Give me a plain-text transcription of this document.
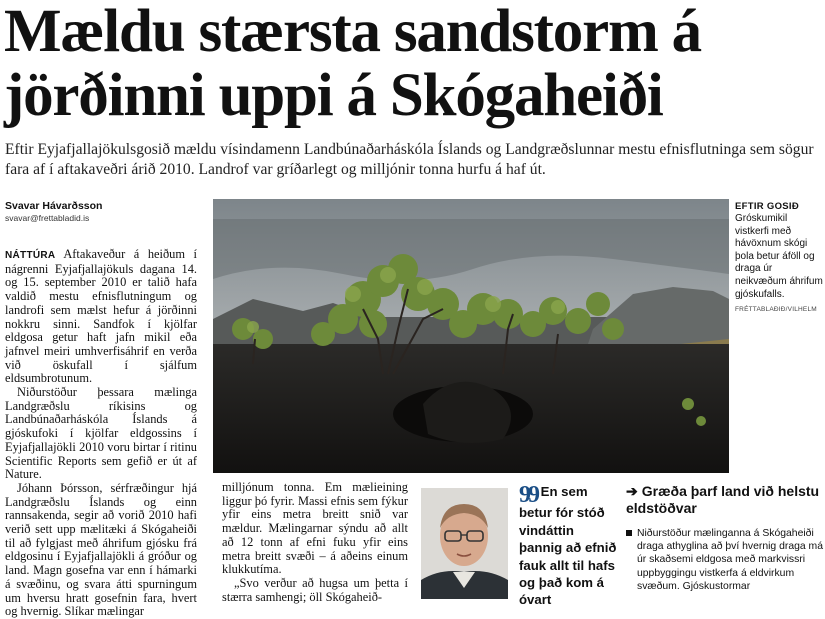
Mældu stærsta sandstorm á jörðinni uppi á Skógaheiði

Eftir Eyjafjallajökulsgosið mældu vísindamenn Landbúnaðarháskóla Íslands og Landgræðslunnar mestu efnisflutninga sem sögur fara af í aftakaveðri árið 2010. Landrof var gríðarlegt og milljónir tonna hurfu á haf út.

Svavar Hávarðsson
svavar@frettabladid.is

NÁTTÚRA Aftakaveður á heiðum í nágrenni Eyjafjallajökuls dagana 14. og 15. september 2010 er talið hafa valdið mestu efnisflutningum og landrofi sem mælst hefur á jörðinni nokkru sinni. Sandfok í kjölfar eldgosa getur haft jafn mikil eða jafnvel meiri umhverfisáhrif en verða við öskufall í sjálfum eldsumbrotunum.

Niðurstöður þessara mælinga Landgræðslu ríkisins og Landbúnaðarháskóla Íslands á gjóskufoki í kjölfar eldgossins í Eyjafjallajökli 2010 voru birtar í ritinu Scientific Reports sem gefið er út af Nature.

Jóhann Þórsson, sérfræðingur hjá Landgræðslu Íslands og einn rannsakenda, segir að vorið 2010 hafi verið sett upp mælitæki á Skógaheiði til að fylgjast með áhrifum gjósku frá eldgosinu í Eyjafjallajökli á gróður og land. Magn gosefna var enn í hámarki á svæðinu, og svara átti spurningum um hversu hratt gosefnin fara, hvert og hvernig. Slíkar mælingar

EFTIR GOSIÐ
Gróskumikil vistkerfi með hávöxnum skógi þola betur áföll og draga úr neikvæðum áhrifum gjóskufalls.
FRÉTTABLAÐIÐ/VILHELM

milljónum tonna. Em mælieining liggur þó fyrir. Massi efnis sem fýkur yfir eins metra breitt snið var mældur. Mælingarnar sýndu að allt að 12 tonn af efni fuku yfir eins metra breitt svæði – á aðeins einum klukkutíma.

„Svo verður að hugsa um þetta í stærra samhengi; öll Skógaheið-

99 En sem betur fór stóð vindáttin þannig að efnið fauk allt til hafs og það kom á óvart
➔ Græða þarf land við helstu eldstöðvar
Niðurstöður mælinganna á Skógaheiði draga athyglina að því hvernig draga má úr skaðsemi eldgosa með markvissri uppbyggingu vistkerfa á eldvirkum svæðum. Gjóskustormar
